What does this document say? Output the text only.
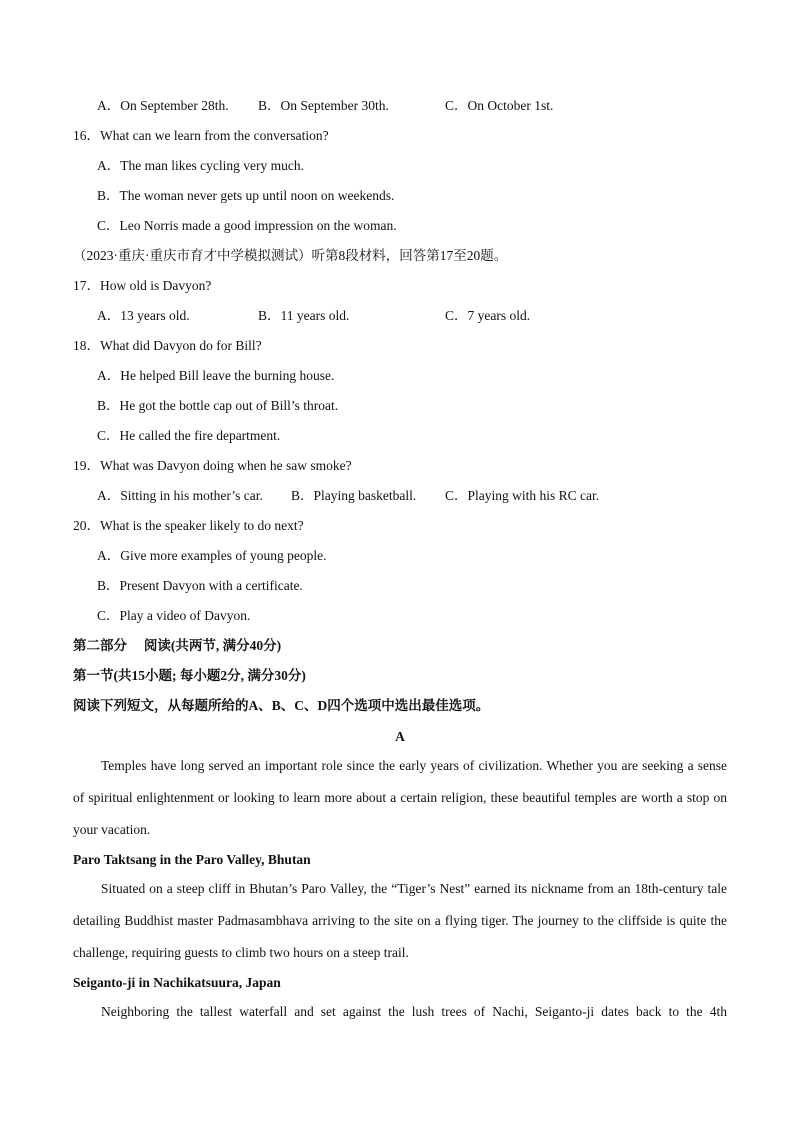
A．On September 28th. B．On September 30th.	C．On October 1st.
16．What can we learn from the conversation?
A．The man likes cycling very much.
B．The woman never gets up until noon on weekends.
C．Leo Norris made a good impression on the woman.
（2023·重庆·重庆市育才中学模拟测试）听第8段材料，回答第17至20题。
17．How old is Davyon?
A．13 years old.	B．11 years old.	C．7 years old.
18．What did Davyon do for Bill?
A．He helped Bill leave the burning house.
B．He got the bottle cap out of Bill’s throat.
C．He called the fire department.
19．What was Davyon doing when he saw smoke?
A．Sitting in his mother’s car. B．Playing basketball. C．Playing with his RC car.
20．What is the speaker likely to do next?
A．Give more examples of young people.
B．Present Davyon with a certificate.
C．Play a video of Davyon.
第二部分　 阅读(共两节, 满分40分)
第一节(共15小题; 每小题2分, 满分30分)
阅读下列短文，从每题所给的A、B、C、D四个选项中选出最佳选项。
A
Temples have long served an important role since the early years of civilization. Whether you are seeking a sense of spiritual enlightenment or looking to learn more about a certain religion, these beautiful temples are worth a stop on your vacation.
Paro Taktsang in the Paro Valley, Bhutan
Situated on a steep cliff in Bhutan’s Paro Valley, the “Tiger’s Nest” earned its nickname from an 18th-century tale detailing Buddhist master Padmasambhava arriving to the site on a flying tiger. The journey to the cliffside is quite the challenge, requiring guests to climb two hours on a steep trail.
Seiganto-ji in Nachikatsuura, Japan
Neighboring the tallest waterfall and set against the lush trees of Nachi, Seiganto-ji dates back to the 4th
